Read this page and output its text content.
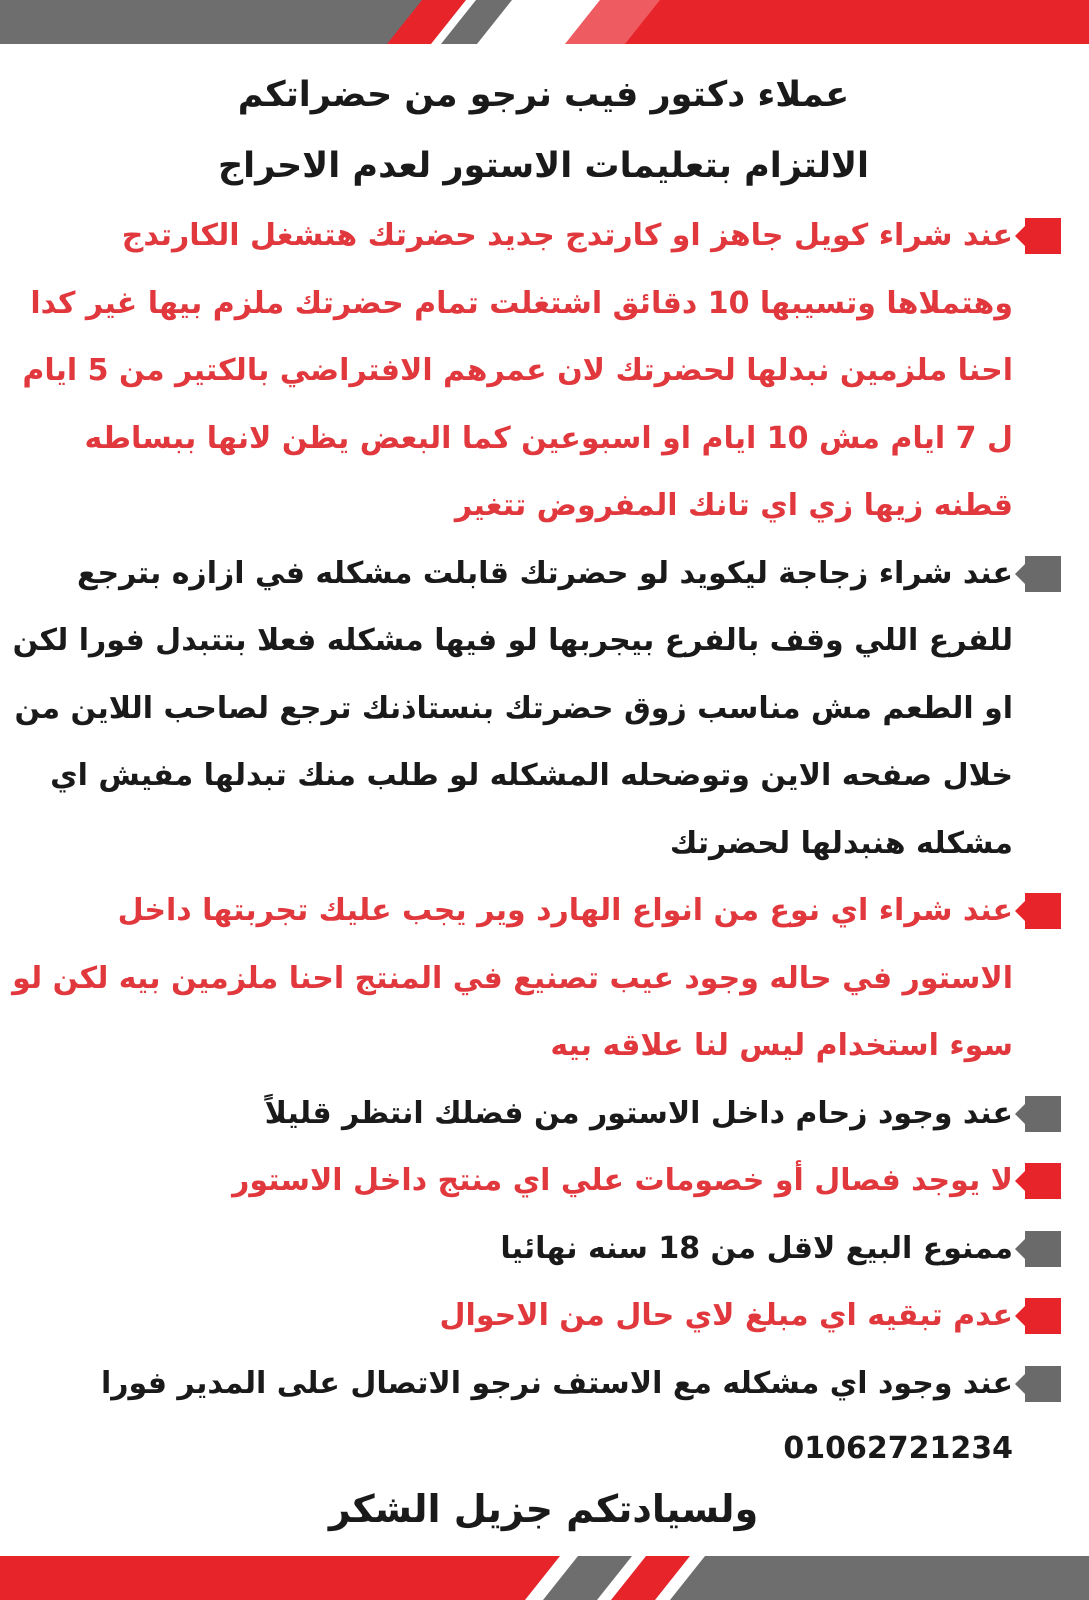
عملاء دكتور فيب نرجو من حضراتكم

الالتزام بتعليمات الاستور لعدم الاحراج

عند شراء كويل جاهز او كارتدج جديد حضرتك هتشغل الكارتدج وهتملاها وتسيبها 10 دقائق اشتغلت تمام حضرتك ملزم بيها غير كدا احنا ملزمين نبدلها لحضرتك لان عمرهم الافتراضي بالكتير من 5 ايام ل 7 ايام مش 10 ايام او اسبوعين كما البعض يظن لانها ببساطه قطنه زيها زي اي تانك المفروض تتغير
عند شراء زجاجة ليكويد لو حضرتك قابلت مشكله في ازازه بترجع للفرع اللي وقف بالفرع بيجربها لو فيها مشكله فعلا بتتبدل فورا لكن او الطعم مش مناسب زوق حضرتك بنستاذنك ترجع لصاحب اللاين من خلال صفحه الاين وتوضحله المشكله لو طلب منك تبدلها مفيش اي مشكله هنبدلها لحضرتك
عند شراء اي نوع من انواع الهارد وير يجب عليك تجربتها داخل الاستور في حاله وجود عيب تصنيع في المنتج احنا ملزمين بيه لكن لو سوء استخدام ليس لنا علاقه بيه
عند وجود زحام داخل الاستور من فضلك انتظر قليلاً
لا يوجد فصال أو خصومات علي اي منتج داخل الاستور
ممنوع البيع لاقل من 18 سنه نهائيا
عدم تبقيه اي مبلغ لاي حال من الاحوال
عند وجود اي مشكله مع الاستف نرجو الاتصال على المدير فورا

01062721234

ولسيادتكم جزيل الشكر
